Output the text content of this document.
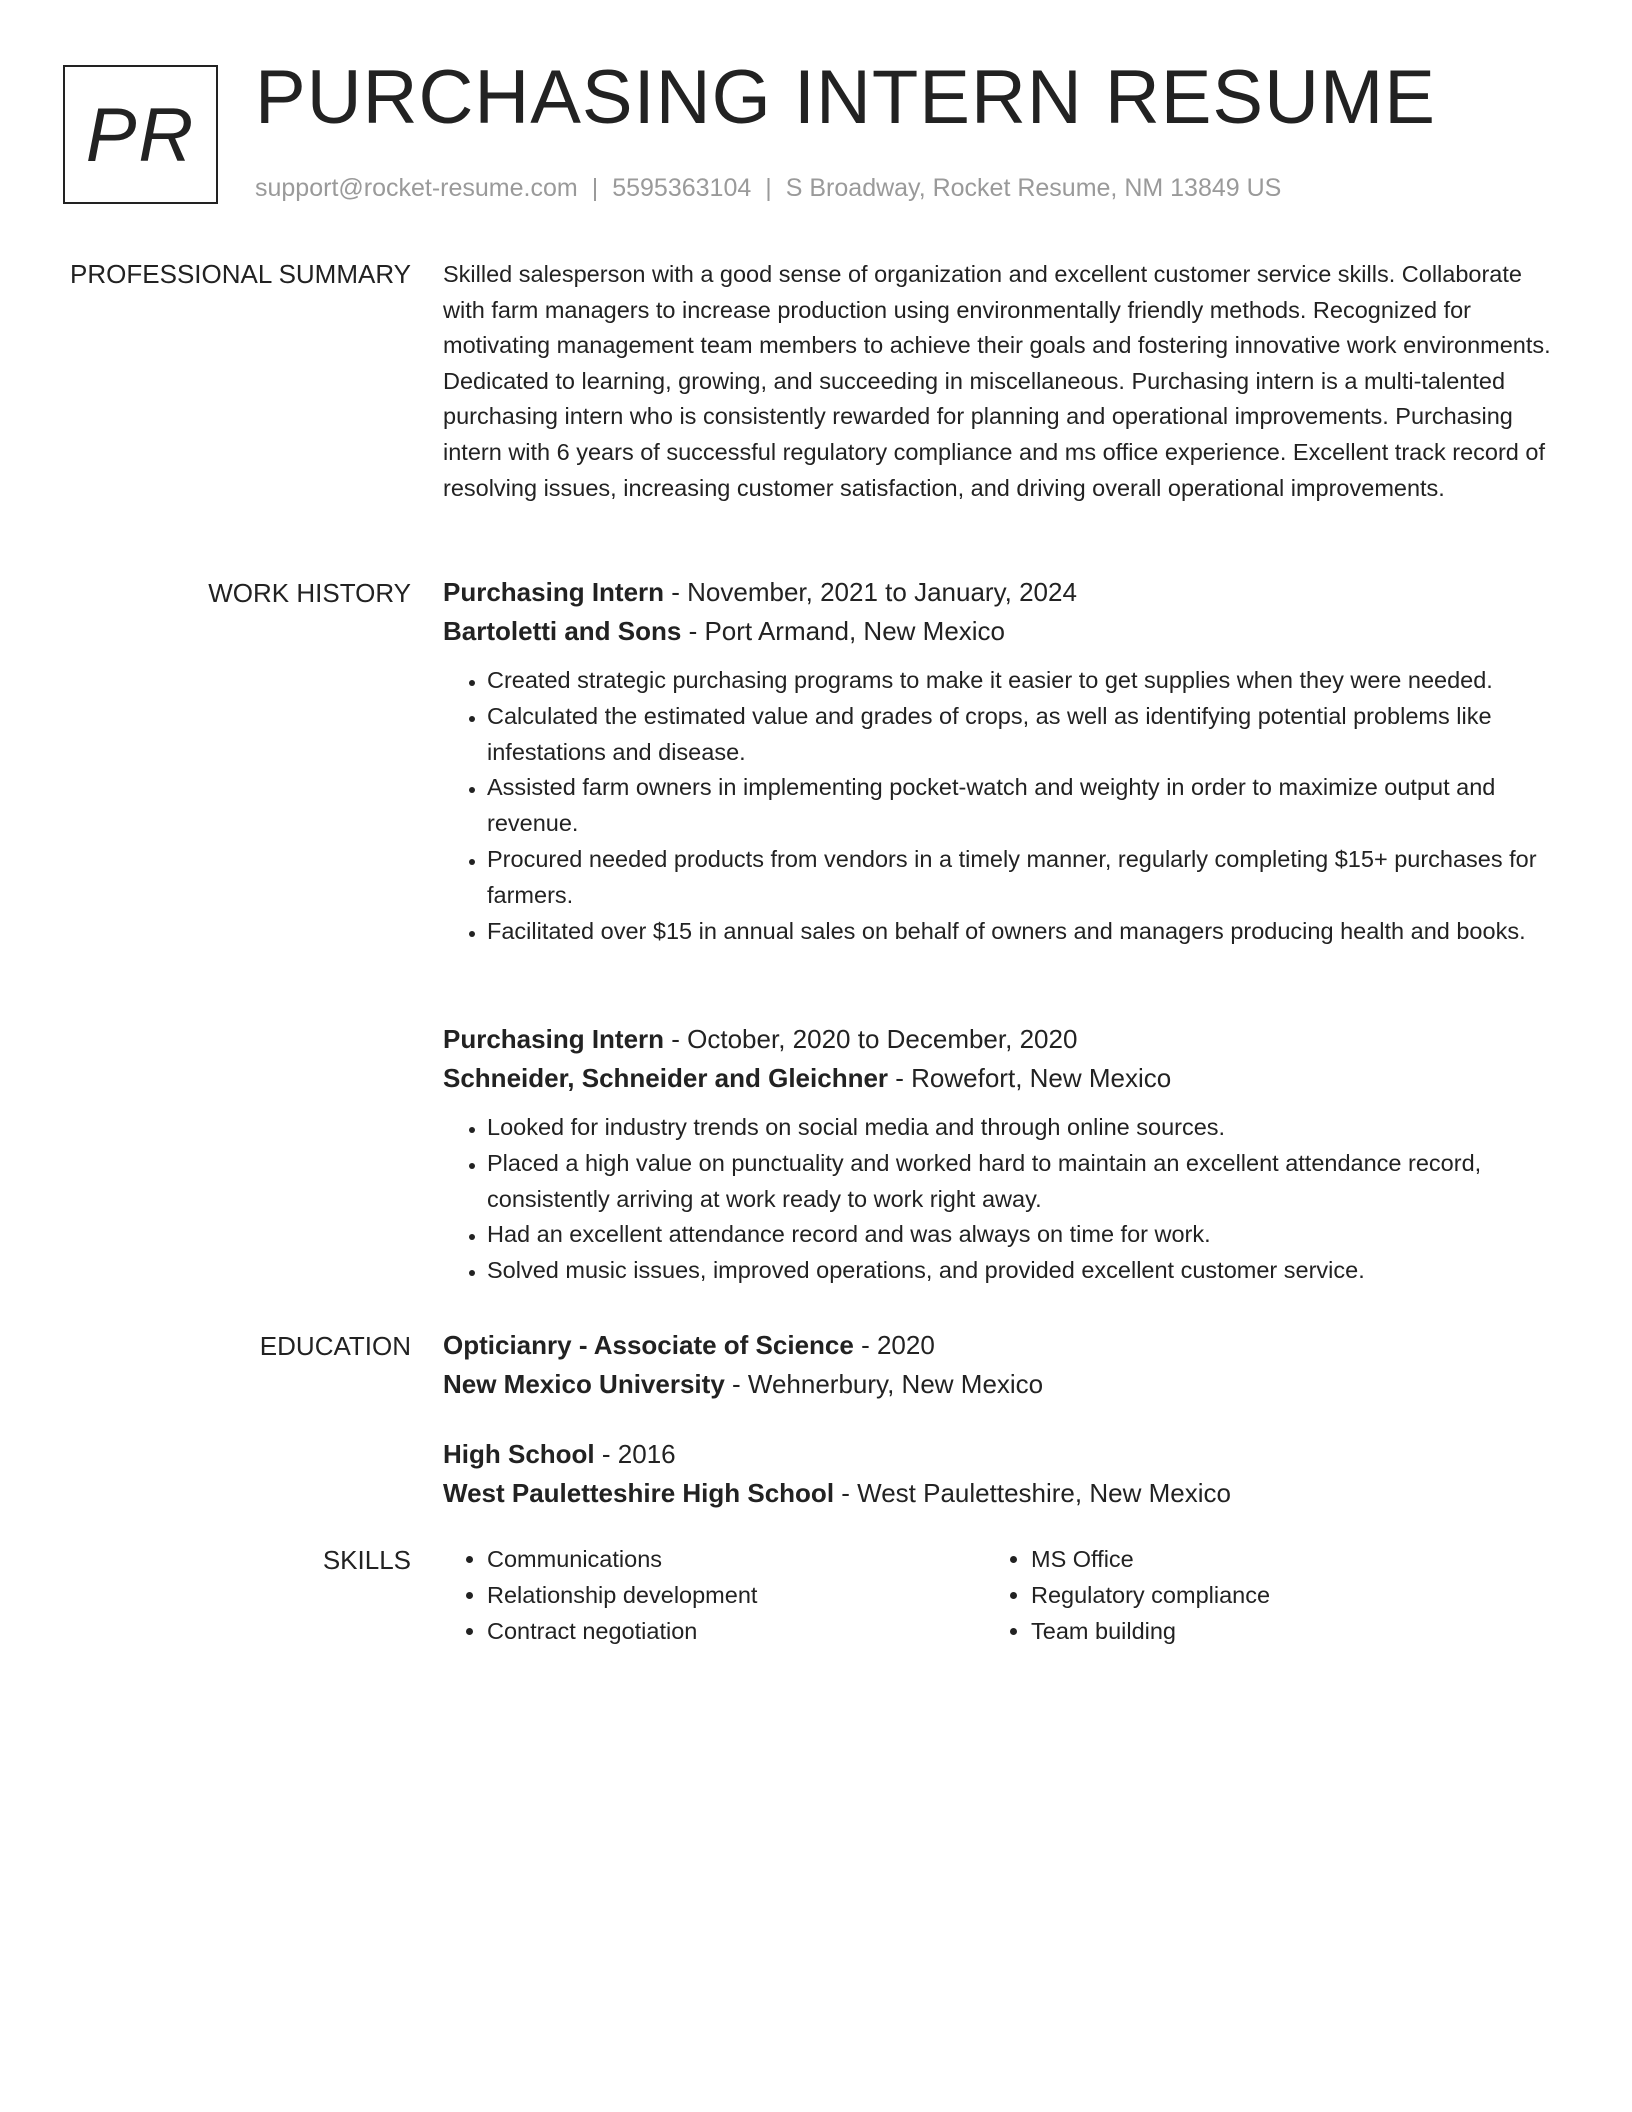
PR PURCHASING INTERN RESUME
support@rocket-resume.com | 5595363104 | S Broadway, Rocket Resume, NM 13849 US
PROFESSIONAL SUMMARY Skilled salesperson with a good sense of organization and excellent customer service skills. Collaborate with farm managers to increase production using environmentally friendly methods. Recognized for motivating management team members to achieve their goals and fostering innovative work environments. Dedicated to learning, growing, and succeeding in miscellaneous. Purchasing intern is a multi-talented purchasing intern who is consistently rewarded for planning and operational improvements. Purchasing intern with 6 years of successful regulatory compliance and ms office experience. Excellent track record of resolving issues, increasing customer satisfaction, and driving overall operational improvements.

WORK HISTORY Purchasing Intern - November, 2021 to January, 2024
Bartoletti and Sons - Port Armand, New Mexico
• Created strategic purchasing programs to make it easier to get supplies when they were needed.
• Calculated the estimated value and grades of crops, as well as identifying potential problems like infestations and disease.
• Assisted farm owners in implementing pocket-watch and weighty in order to maximize output and revenue.
• Procured needed products from vendors in a timely manner, regularly completing $15+ purchases for farmers.
• Facilitated over $15 in annual sales on behalf of owners and managers producing health and books.
Purchasing Intern - October, 2020 to December, 2020
Schneider, Schneider and Gleichner - Rowefort, New Mexico
• Looked for industry trends on social media and through online sources.
• Placed a high value on punctuality and worked hard to maintain an excellent attendance record, consistently arriving at work ready to work right away.
• Had an excellent attendance record and was always on time for work.
• Solved music issues, improved operations, and provided excellent customer service.
EDUCATION Opticianry - Associate of Science - 2020
New Mexico University - Wehnerbury, New Mexico
High School - 2016
West Pauletteshire High School - West Pauletteshire, New Mexico
SKILLS
•	Communications
• Relationship development
• Contract negotiation
• MS Office
• Regulatory compliance
• Team building
